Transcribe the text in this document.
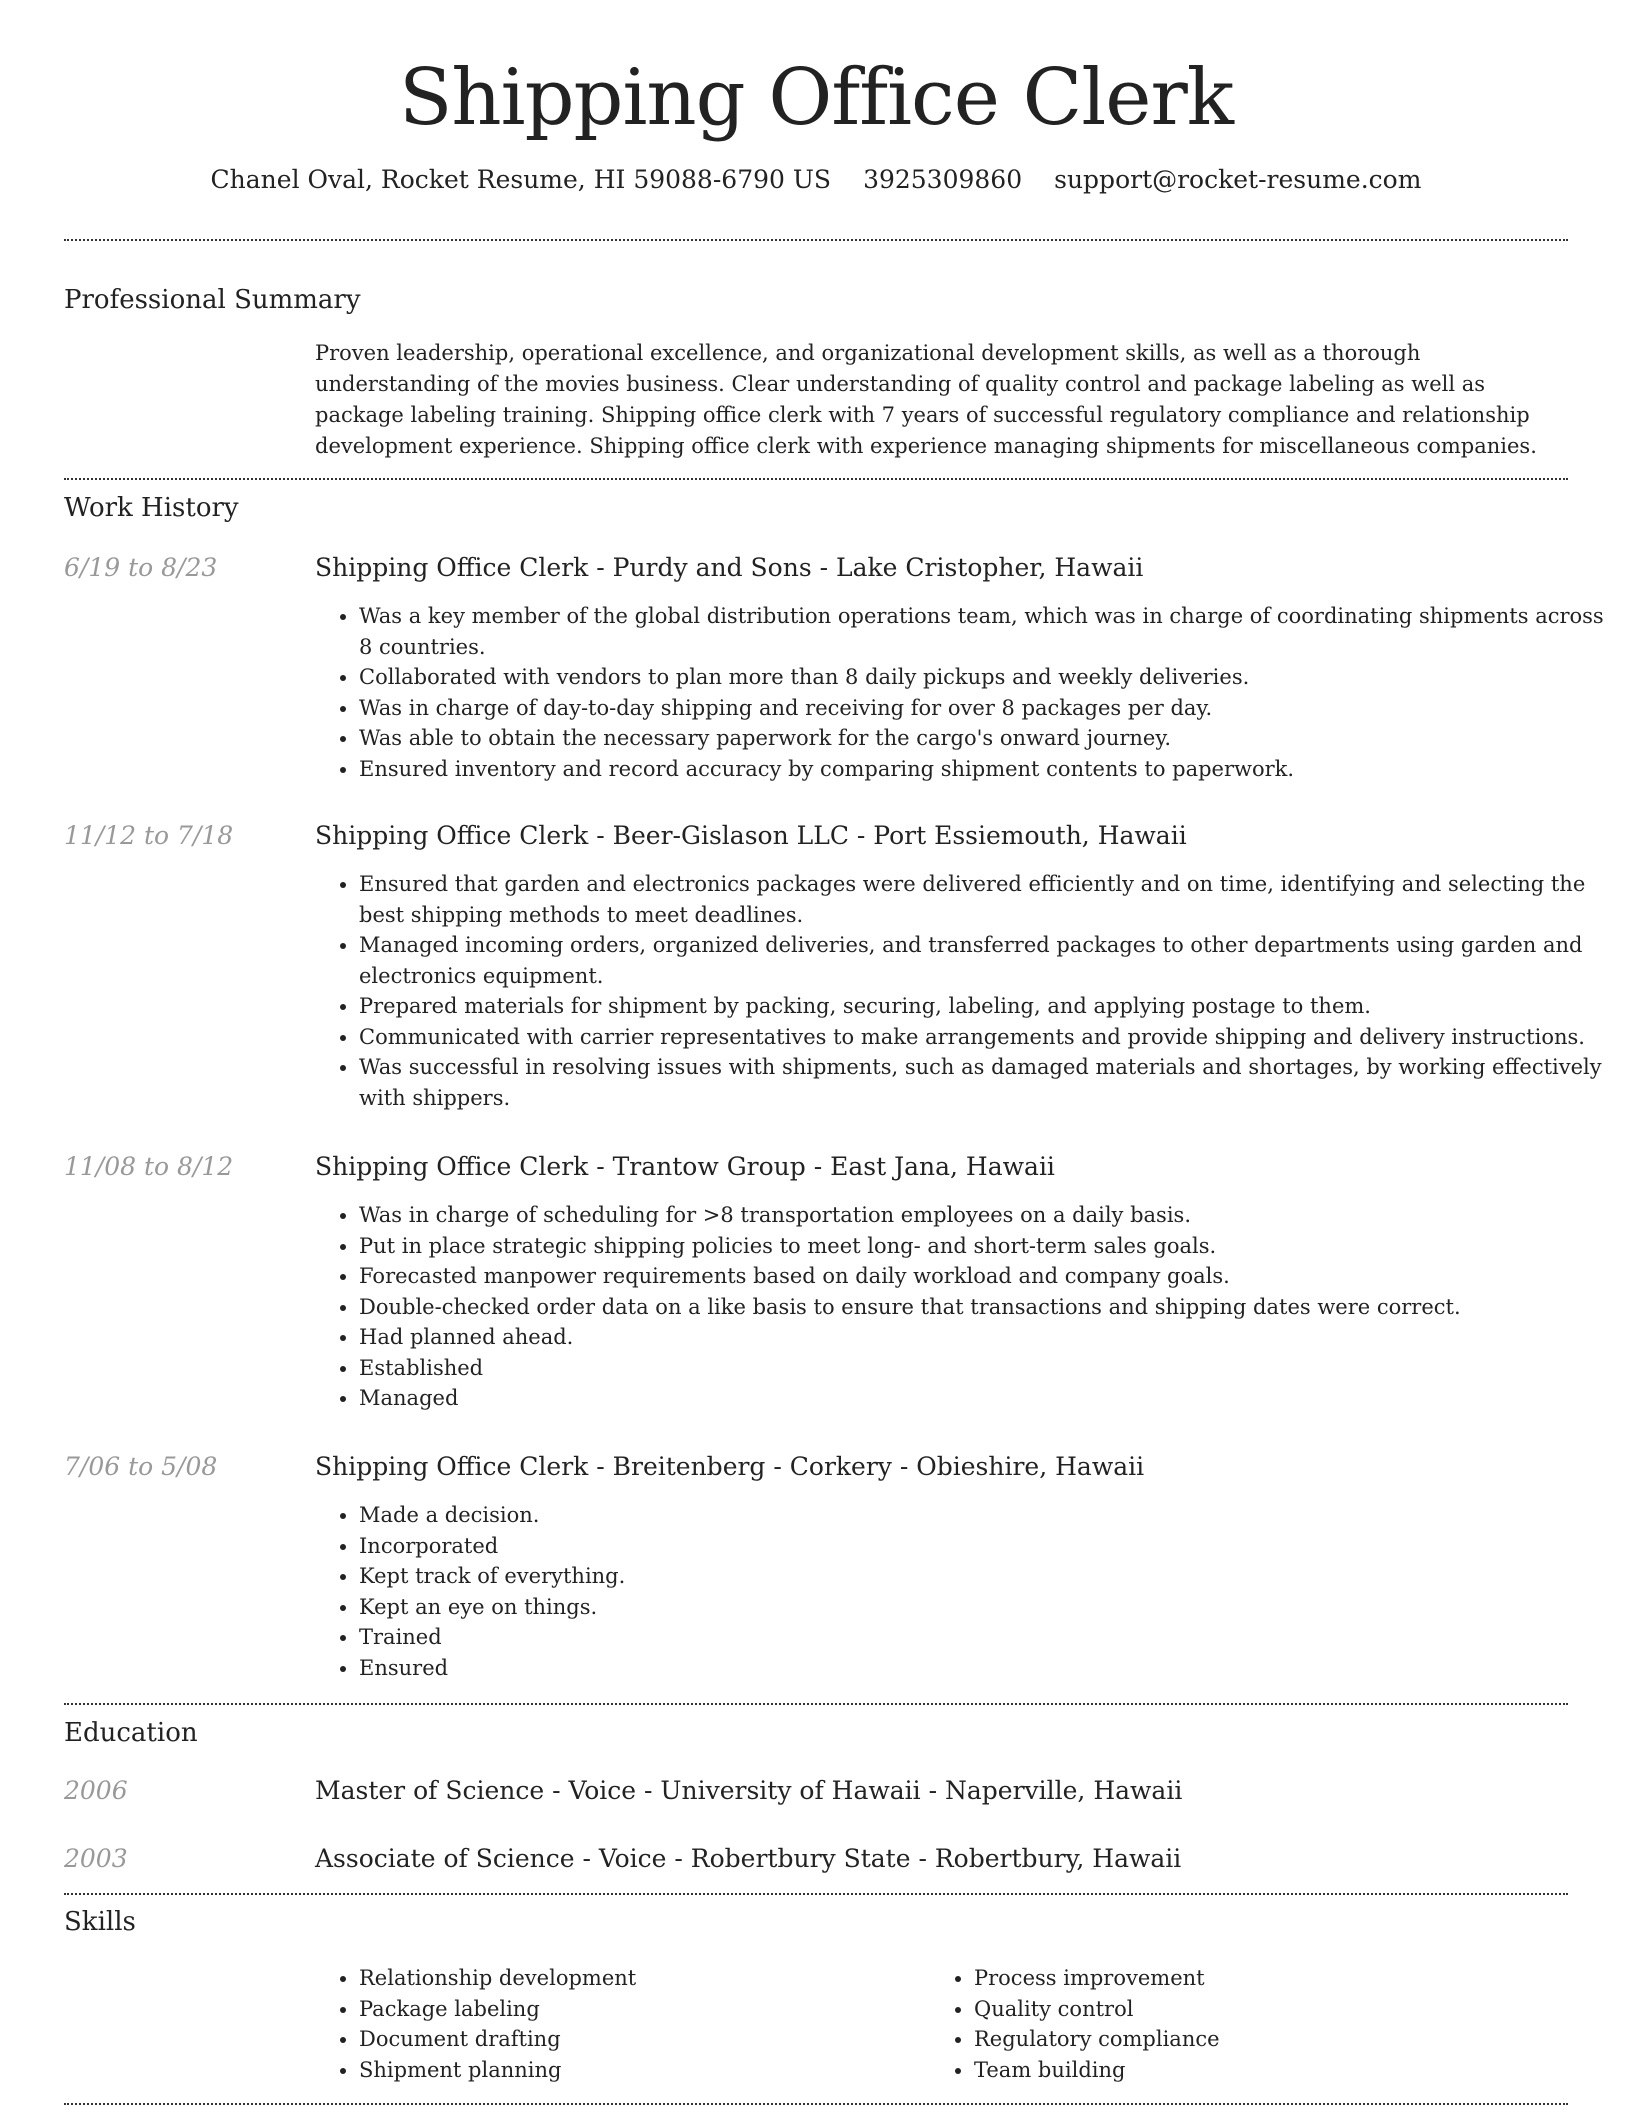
Shipping Office Clerk
Chanel Oval, Rocket Resume, HI 59088-6790 US 3925309860 support@rocket-resume.com
Professional Summary
Proven leadership, operational excellence, and organizational development skills, as well as a thorough understanding of the movies business. Clear understanding of quality control and package labeling as well as package labeling training. Shipping office clerk with 7 years of successful regulatory compliance and relationship development experience. Shipping office clerk with experience managing shipments for miscellaneous companies.
Work History
6/19 to 8/23	Shipping Office Clerk - Purdy and Sons - Lake Cristopher, Hawaii
• Was a key member of the global distribution operations team, which was in charge of coordinating shipments across 8 countries.
• Collaborated with vendors to plan more than 8 daily pickups and weekly deliveries.
• Was in charge of day-to-day shipping and receiving for over 8 packages per day.
• Was able to obtain the necessary paperwork for the cargo's onward journey.
• Ensured inventory and record accuracy by comparing shipment contents to paperwork.
11/12 to 7/18	Shipping Office Clerk - Beer-Gislason LLC - Port Essiemouth, Hawaii
• Ensured that garden and electronics packages were delivered efficiently and on time, identifying and selecting the best shipping methods to meet deadlines.
• Managed incoming orders, organized deliveries, and transferred packages to other departments using garden and electronics equipment.
• Prepared materials for shipment by packing, securing, labeling, and applying postage to them.
• Communicated with carrier representatives to make arrangements and provide shipping and delivery instructions.
• Was successful in resolving issues with shipments, such as damaged materials and shortages, by working effectively with shippers.
11/08 to 8/12	Shipping Office Clerk - Trantow Group - East Jana, Hawaii
• Was in charge of scheduling for >8 transportation employees on a daily basis.
• Put in place strategic shipping policies to meet long- and short-term sales goals.
• Forecasted manpower requirements based on daily workload and company goals.
• Double-checked order data on a like basis to ensure that transactions and shipping dates were correct.
• Had planned ahead.
• Established
• Managed
7/06 to 5/08	Shipping Office Clerk - Breitenberg - Corkery - Obieshire, Hawaii
• Made a decision.
• Incorporated
• Kept track of everything.
• Kept an eye on things.
• Trained
• Ensured
Education
2006	Master of Science - Voice - University of Hawaii - Naperville, Hawaii
2003	Associate of Science - Voice - Robertbury State - Robertbury, Hawaii
Skills
• Relationship development
• Package labeling
• Document drafting
• Shipment planning
• Process improvement
• Quality control
• Regulatory compliance
• Team building
